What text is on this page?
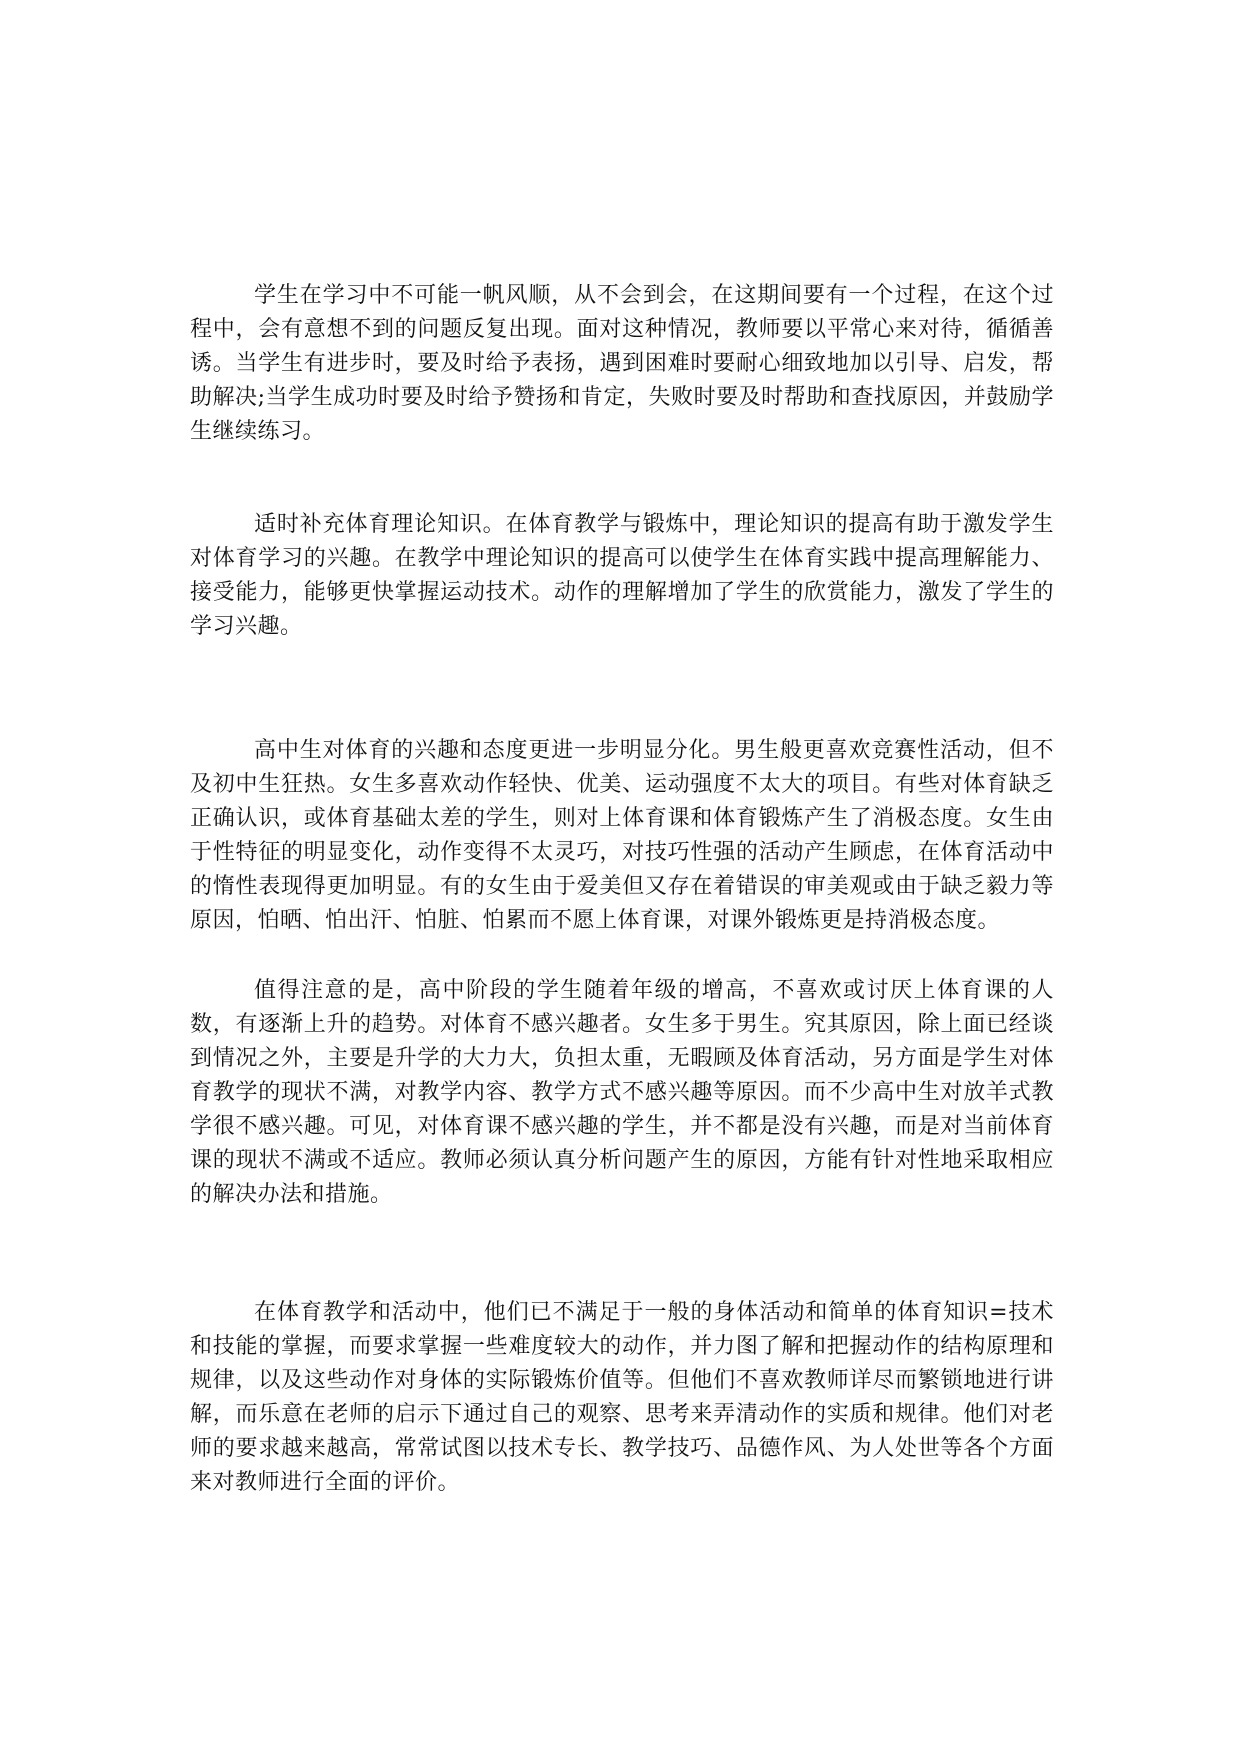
学生在学习中不可能一帆风顺，从不会到会，在这期间要有一个过程，在这个过程中，会有意想不到的问题反复出现。面对这种情况，教师要以平常心来对待，循循善诱。当学生有进步时，要及时给予表扬，遇到困难时要耐心细致地加以引导、启发，帮助解决;当学生成功时要及时给予赞扬和肯定，失败时要及时帮助和查找原因，并鼓励学生继续练习。

适时补充体育理论知识。在体育教学与锻炼中，理论知识的提高有助于激发学生对体育学习的兴趣。在教学中理论知识的提高可以使学生在体育实践中提高理解能力、接受能力，能够更快掌握运动技术。动作的理解增加了学生的欣赏能力，激发了学生的学习兴趣。

高中生对体育的兴趣和态度更进一步明显分化。男生般更喜欢竞赛性活动，但不及初中生狂热。女生多喜欢动作轻快、优美、运动强度不太大的项目。有些对体育缺乏正确认识，或体育基础太差的学生，则对上体育课和体育锻炼产生了消极态度。女生由于性特征的明显变化，动作变得不太灵巧，对技巧性强的活动产生顾虑，在体育活动中的惰性表现得更加明显。有的女生由于爱美但又存在着错误的审美观或由于缺乏毅力等原因，怕晒、怕出汗、怕脏、怕累而不愿上体育课，对课外锻炼更是持消极态度。

值得注意的是，高中阶段的学生随着年级的增高，不喜欢或讨厌上体育课的人数，有逐渐上升的趋势。对体育不感兴趣者。女生多于男生。究其原因，除上面已经谈到情况之外，主要是升学的大力大，负担太重，无暇顾及体育活动，另方面是学生对体育教学的现状不满，对教学内容、教学方式不感兴趣等原因。而不少高中生对放羊式教学很不感兴趣。可见，对体育课不感兴趣的学生，并不都是没有兴趣，而是对当前体育课的现状不满或不适应。教师必须认真分析问题产生的原因，方能有针对性地采取相应的解决办法和措施。

在体育教学和活动中，他们已不满足于一般的身体活动和简单的体育知识=技术和技能的掌握，而要求掌握一些难度较大的动作，并力图了解和把握动作的结构原理和规律，以及这些动作对身体的实际锻炼价值等。但他们不喜欢教师详尽而繁锁地进行讲解，而乐意在老师的启示下通过自己的观察、思考来弄清动作的实质和规律。他们对老师的要求越来越高，常常试图以技术专长、教学技巧、品德作风、为人处世等各个方面来对教师进行全面的评价。
